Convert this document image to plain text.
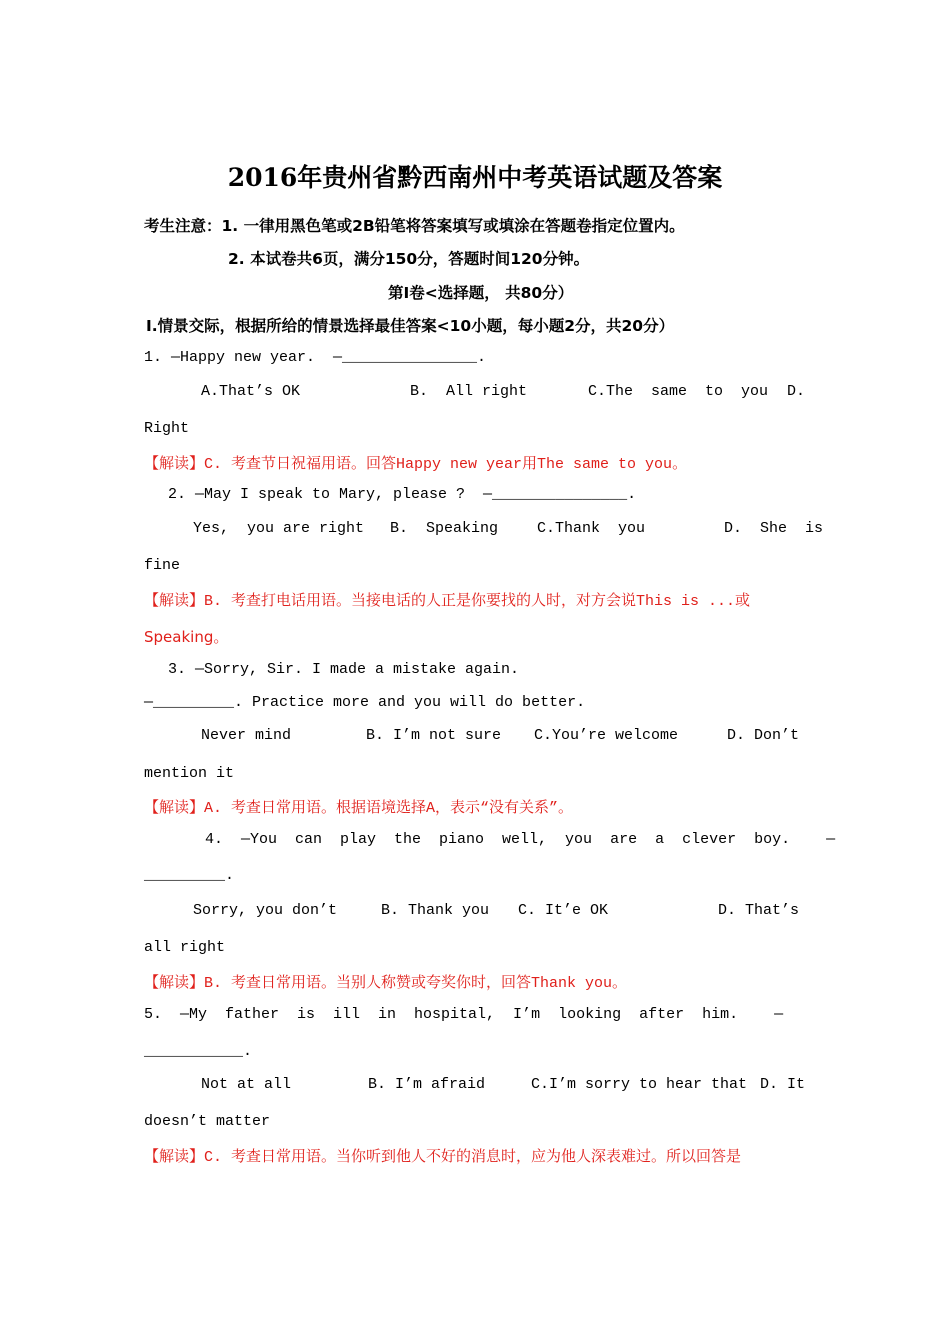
2016年贵州省黔西南州中考英语试题及答案
考生注意：1. 一律用黑色笔或2B铅笔将答案填写或填涂在答题卷指定位置内。
2. 本试卷共6页，满分150分，答题时间120分钟。
第Ⅰ卷<选择题， 共80分）
Ⅰ.情景交际，根据所给的情景选择最佳答案<10小题，每小题2分，共20分）
1. —Happy new year.  —_______________.
A.That’s OK	B.  All right	C.The  same  to  you D.
Right
【解读】C. 考查节日祝福用语。回答Happy new year用The same to you。
2. —May I speak to Mary, please ?  —_______________.
Yes,  you are right B.  Speaking	C.Thank  you	D.  She  is
fine
【解读】B. 考查打电话用语。当接电话的人正是你要找的人时，对方会说This is ...或
Speaking。
3. —Sorry, Sir. I made a mistake again.
—_________. Practice more and you will do better.
Never mind	B. I’m not sure C.You’re welcome	D. Don’t
mention it
【解读】A. 考查日常用语。根据语境选择A，表示“没有关系”。
4.  —You  can  play  the  piano  well,  you  are  a  clever  boy.    —
_________.
Sorry, you don’t	B. Thank you C. It’e OK	D. That’s
all right
【解读】B. 考查日常用语。当别人称赞或夸奖你时，回答Thank you。
5.  —My  father  is  ill  in  hospital,  I’m  looking  after  him.    —
___________.
Not at all	B. I’m afraid	C.I’m sorry to hear that D. It
doesn’t matter
【解读】C. 考查日常用语。当你听到他人不好的消息时，应为他人深表难过。所以回答是
